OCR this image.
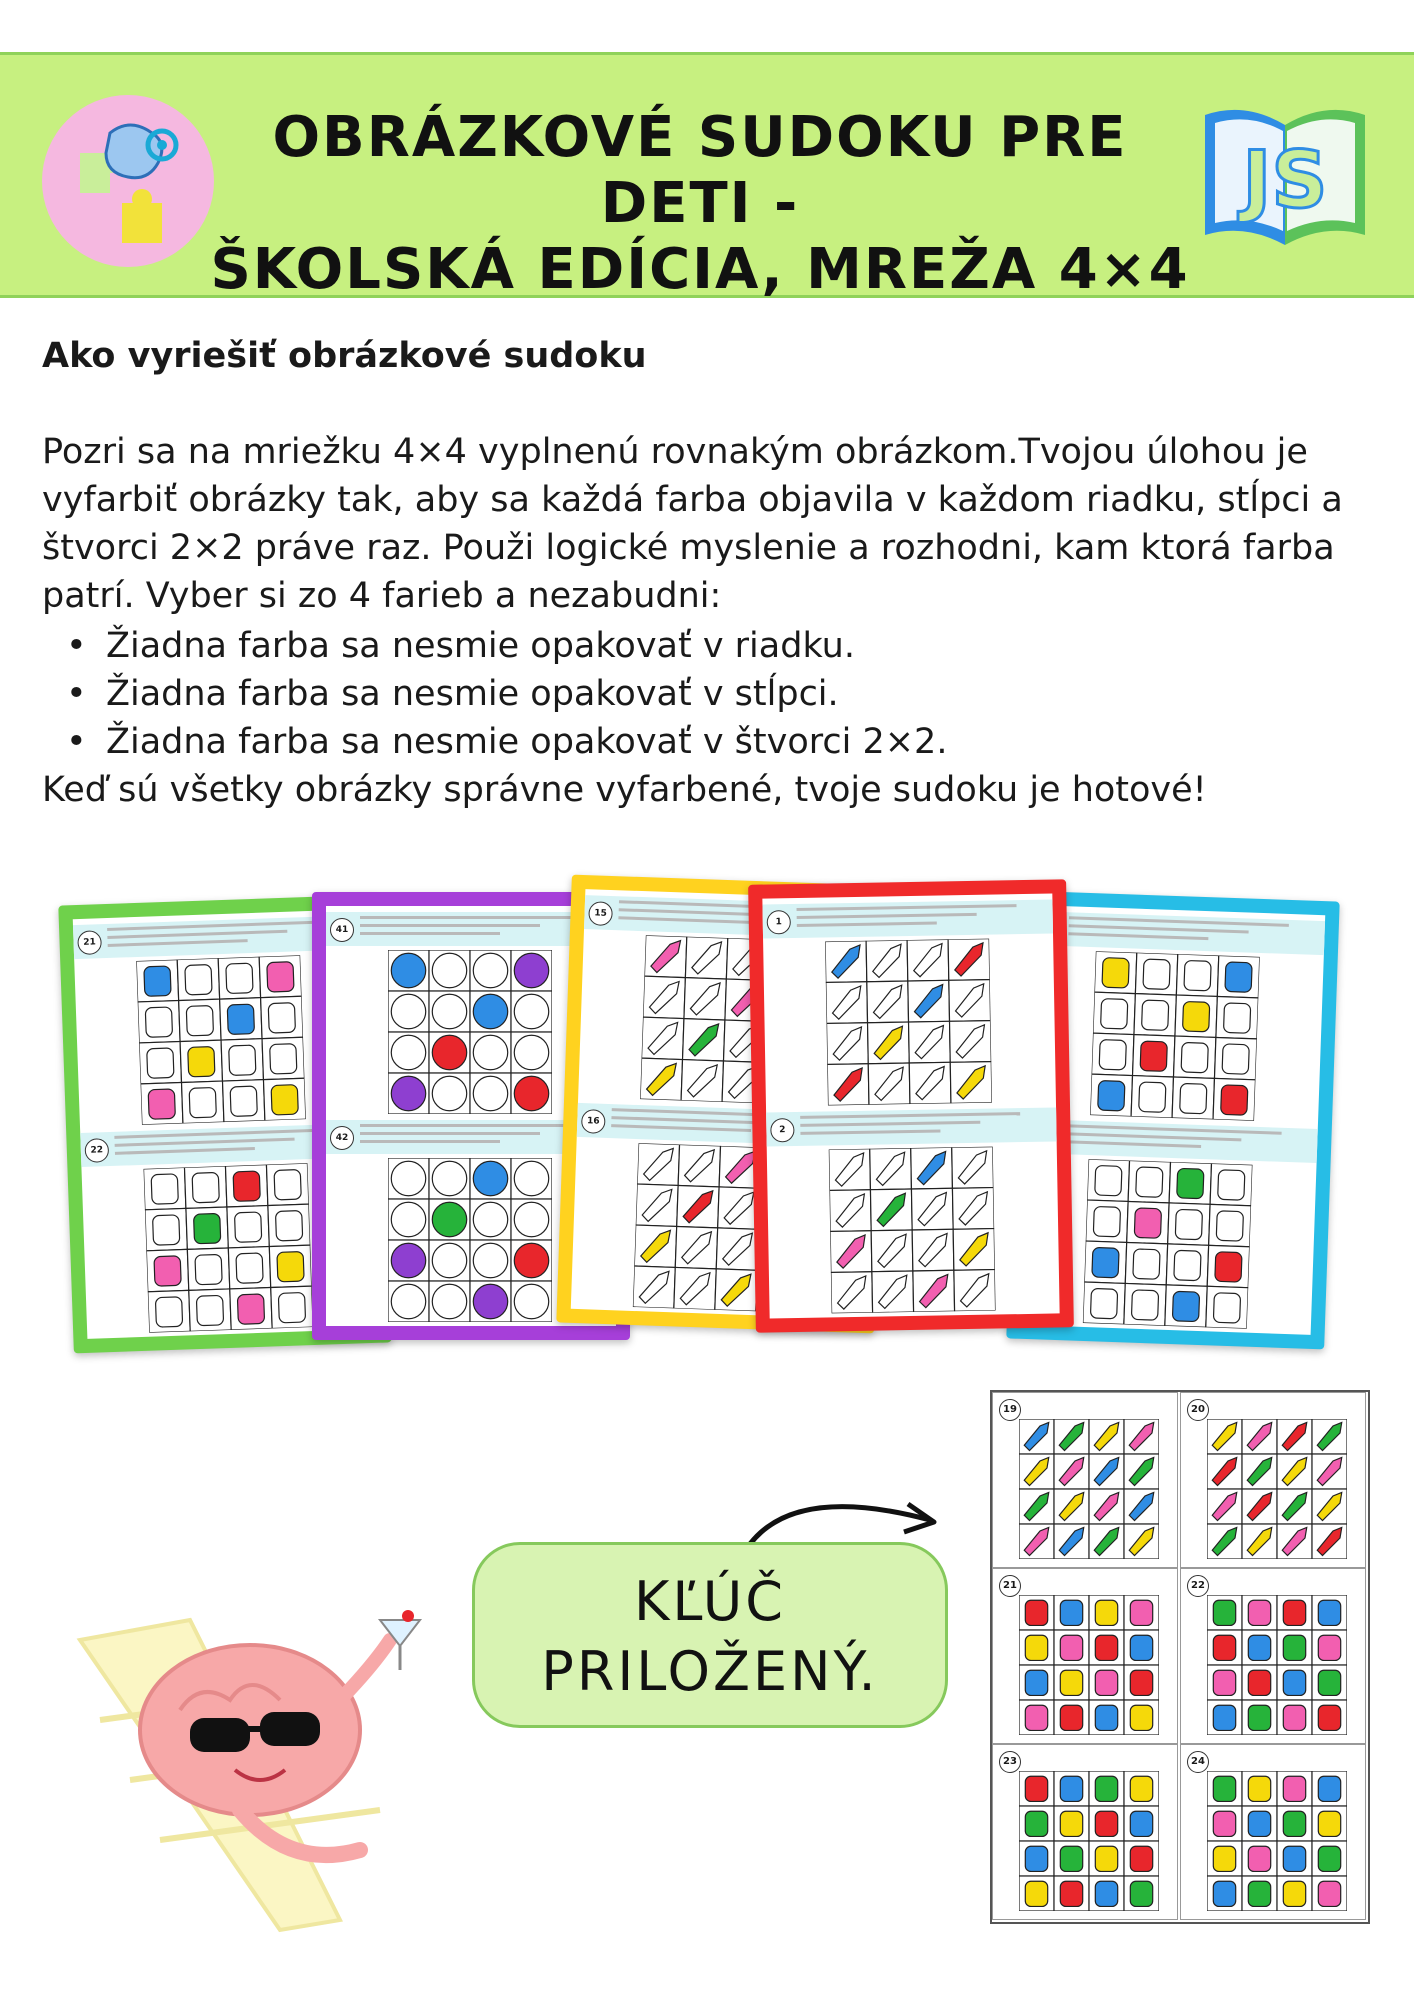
OBRÁZKOVÉ SUDOKU PRE DETI -
ŠKOLSKÁ EDÍCIA, MREŽA 4×4
JS
Ako vyriešiť obrázkové sudoku

Pozri sa na mriežku 4×4 vyplnenú rovnakým obrázkom.Tvojou úlohou je vyfarbiť obrázky tak, aby sa každá farba objavila v každom riadku, stĺpci a štvorci 2×2 práve raz. Použi logické myslenie a rozhodni, kam ktorá farba patrí. Vyber si zo 4 farieb a nezabudni:

• Žiadna farba sa nesmie opakovať v riadku.
• Žiadna farba sa nesmie opakovať v stĺpci.
• Žiadna farba sa nesmie opakovať v štvorci 2×2.

Keď sú všetky obrázky správne vyfarbené, tvoje sudoku je hotové!

21
22
41
42
15
16
1
2
KĽÚČ
PRILOŽENÝ.
19	20
21	22
23	24
